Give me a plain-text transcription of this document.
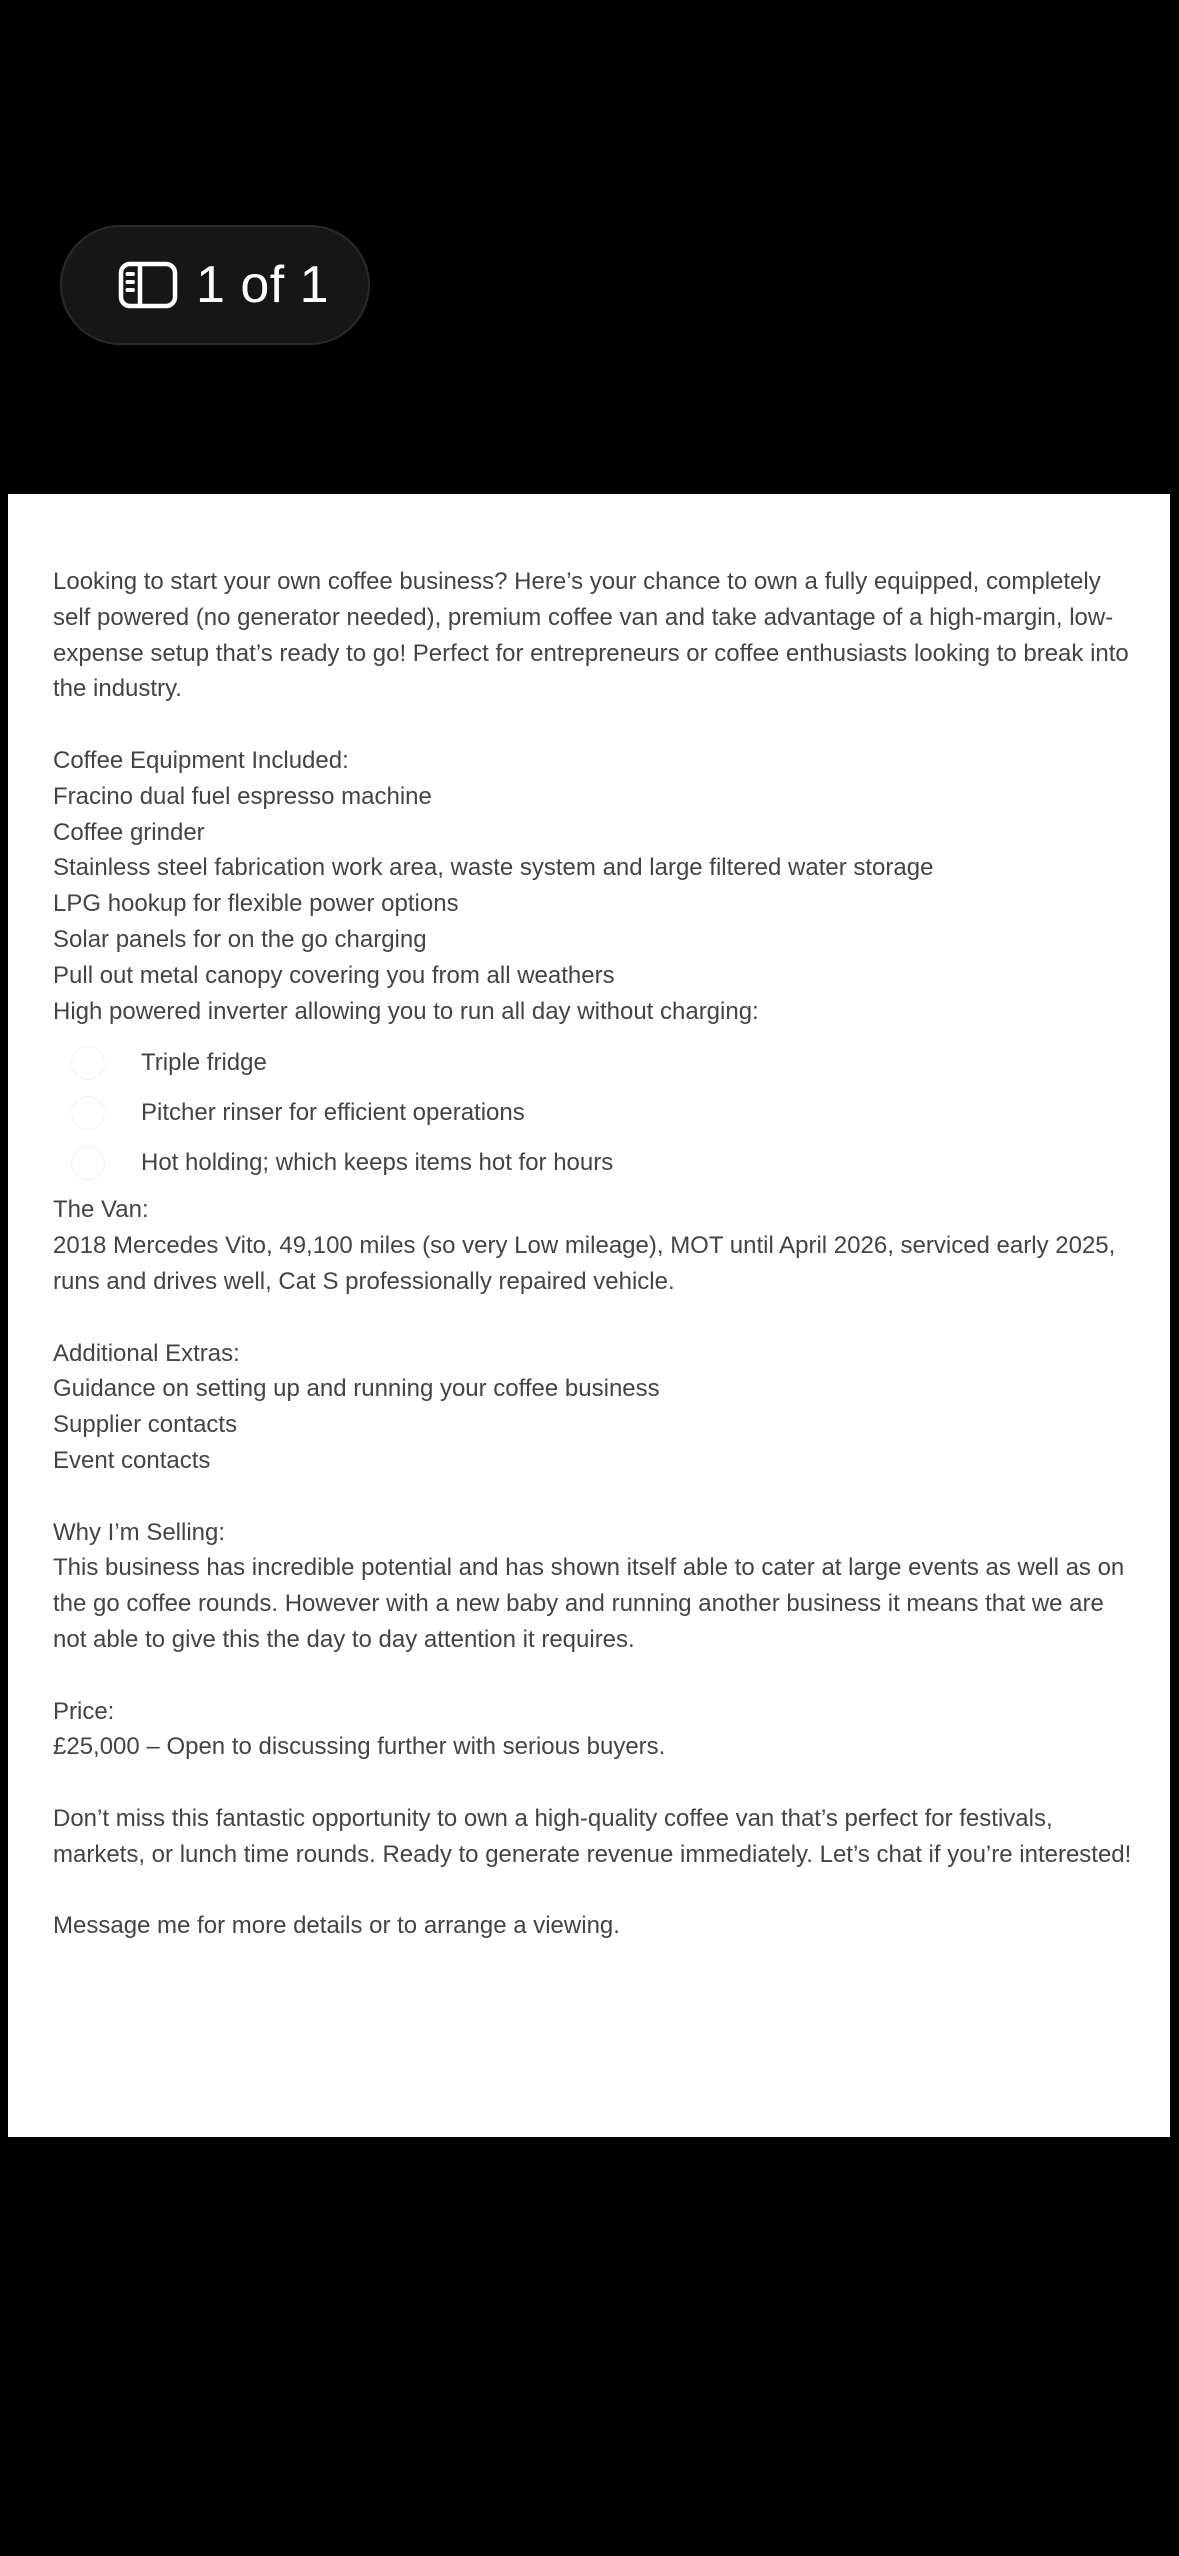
1 of 1

Looking to start your own coffee business? Here’s your chance to own a fully equipped, completely self powered (no generator needed), premium coffee van and take advantage of a high-margin, low-expense setup that’s ready to go! Perfect for entrepreneurs or coffee enthusiasts looking to break into the industry.

Coffee Equipment Included:

Fracino dual fuel espresso machine

Coffee grinder

Stainless steel fabrication work area, waste system and large filtered water storage

LPG hookup for flexible power options

Solar panels for on the go charging

Pull out metal canopy covering you from all weathers

High powered inverter allowing you to run all day without charging:

Triple fridge
Pitcher rinser for efficient operations
Hot holding; which keeps items hot for hours

The Van:

2018 Mercedes Vito, 49,100 miles (so very Low mileage), MOT until April 2026, serviced early 2025, runs and drives well, Cat S professionally repaired vehicle.

Additional Extras:

Guidance on setting up and running your coffee business

Supplier contacts

Event contacts

Why I’m Selling:

This business has incredible potential and has shown itself able to cater at large events as well as on the go coffee rounds. However with a new baby and running another business it means that we are not able to give this the day to day attention it requires.

Price:

£25,000 – Open to discussing further with serious buyers.

Don’t miss this fantastic opportunity to own a high-quality coffee van that’s perfect for festivals, markets, or lunch time rounds. Ready to generate revenue immediately. Let’s chat if you’re interested!

Message me for more details or to arrange a viewing.
